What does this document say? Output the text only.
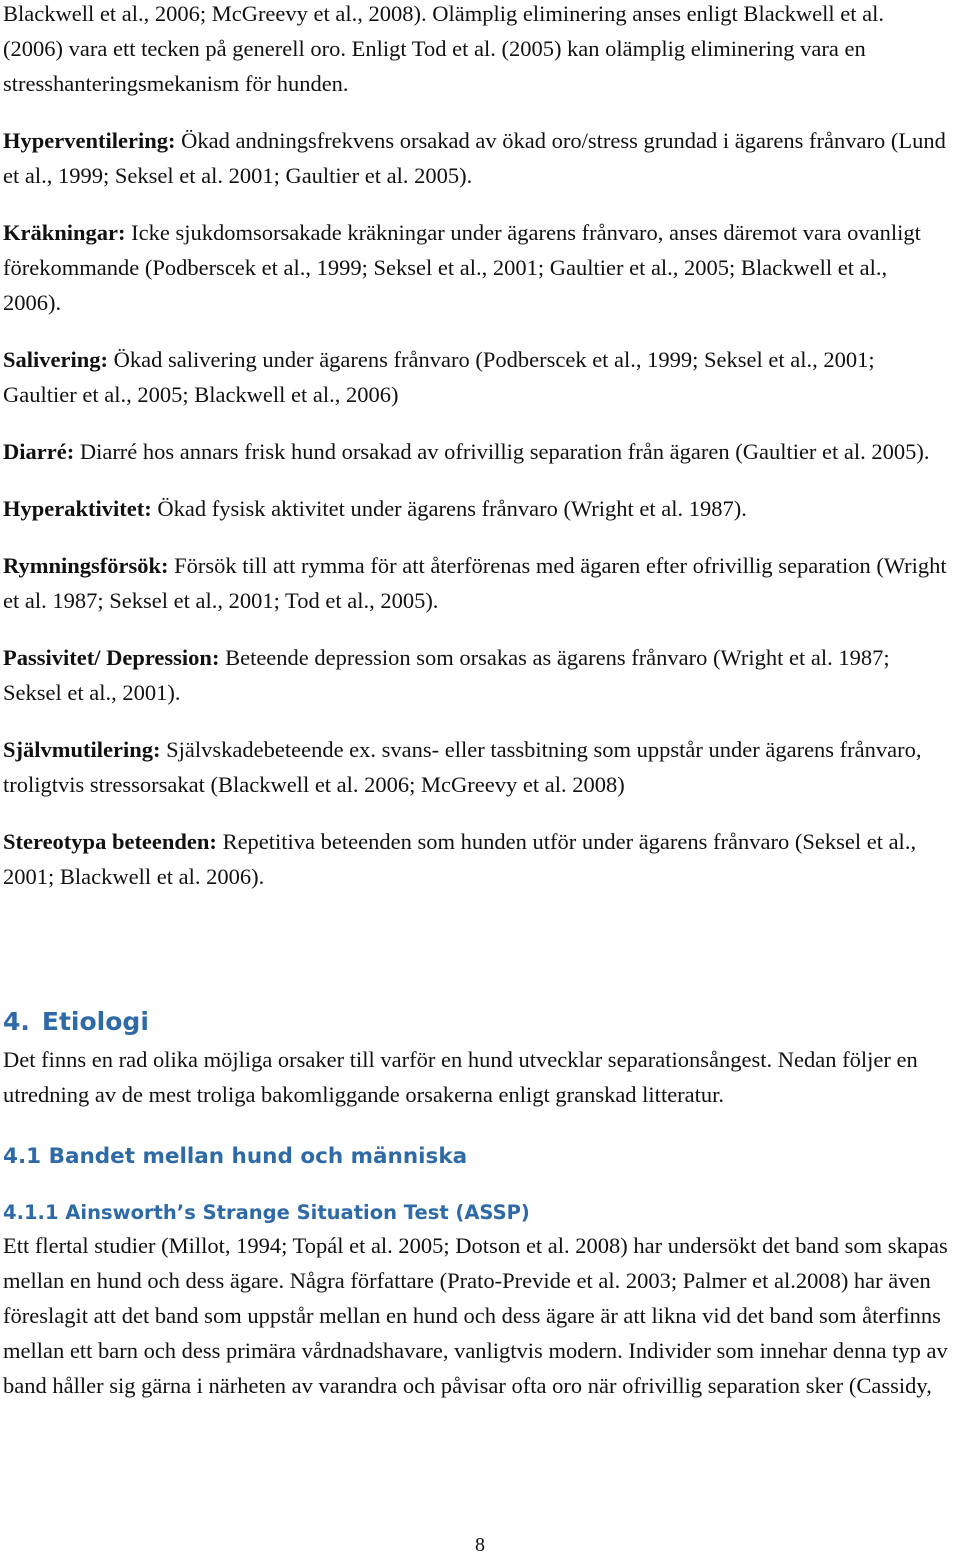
Blackwell et al., 2006; McGreevy et al., 2008). Olämplig eliminering anses enligt Blackwell et al. (2006) vara ett tecken på generell oro. Enligt Tod et al. (2005) kan olämplig eliminering vara en stresshanteringsmekanism för hunden.

Hyperventilering: Ökad andningsfrekvens orsakad av ökad oro/stress grundad i ägarens frånvaro (Lund et al., 1999; Seksel et al. 2001; Gaultier et al. 2005).

Kräkningar: Icke sjukdomsorsakade kräkningar under ägarens frånvaro, anses däremot vara ovanligt förekommande (Podberscek et al., 1999; Seksel et al., 2001; Gaultier et al., 2005; Blackwell et al., 2006).

Salivering: Ökad salivering under ägarens frånvaro (Podberscek et al., 1999; Seksel et al., 2001; Gaultier et al., 2005; Blackwell et al., 2006)

Diarré: Diarré hos annars frisk hund orsakad av ofrivillig separation från ägaren (Gaultier et al. 2005).

Hyperaktivitet: Ökad fysisk aktivitet under ägarens frånvaro (Wright et al. 1987).

Rymningsförsök: Försök till att rymma för att återförenas med ägaren efter ofrivillig separation (Wright et al. 1987; Seksel et al., 2001; Tod et al., 2005).

Passivitet/ Depression: Beteende depression som orsakas as ägarens frånvaro (Wright et al. 1987; Seksel et al., 2001).

Självmutilering: Självskadebeteende ex. svans- eller tassbitning som uppstår under ägarens frånvaro, troligtvis stressorsakat (Blackwell et al. 2006; McGreevy et al. 2008)

Stereotypa beteenden: Repetitiva beteenden som hunden utför under ägarens frånvaro (Seksel et al., 2001; Blackwell et al. 2006).

4. Etiologi

Det finns en rad olika möjliga orsaker till varför en hund utvecklar separationsångest. Nedan följer en utredning av de mest troliga bakomliggande orsakerna enligt granskad litteratur.

4.1 Bandet mellan hund och människa
4.1.1 Ainsworth’s Strange Situation Test (ASSP)

Ett flertal studier (Millot, 1994; Topál et al. 2005; Dotson et al. 2008) har undersökt det band som skapas mellan en hund och dess ägare. Några författare (Prato-Previde et al. 2003; Palmer et al.2008) har även föreslagit att det band som uppstår mellan en hund och dess ägare är att likna vid det band som återfinns mellan ett barn och dess primära vårdnadshavare, vanligtvis modern. Individer som innehar denna typ av band håller sig gärna i närheten av varandra och påvisar ofta oro när ofrivillig separation sker (Cassidy,

8
